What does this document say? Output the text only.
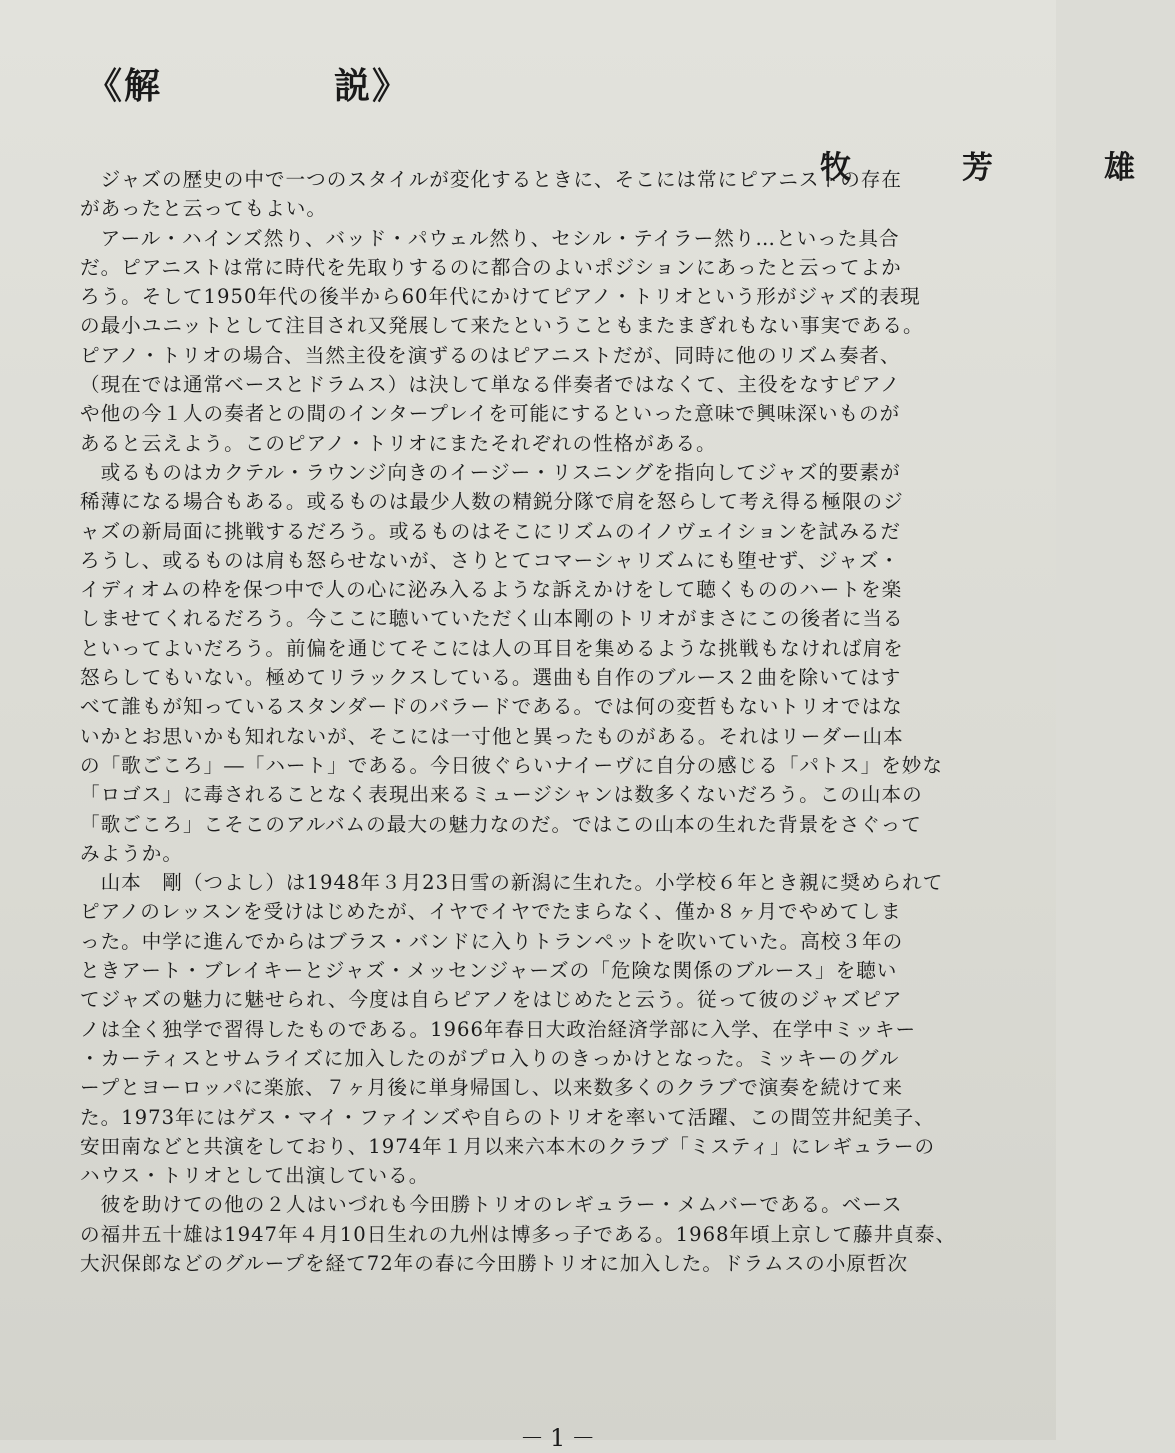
《解	説》
牧　芳　雄
　ジャズの歴史の中で一つのスタイルが変化するときに、そこには常にピアニストの存在
があったと云ってもよい。
　アール・ハインズ然り、バッド・パウェル然り、セシル・テイラー然り…といった具合
だ。ピアニストは常に時代を先取りするのに都合のよいポジションにあったと云ってよか
ろう。そして1950年代の後半から60年代にかけてピアノ・トリオという形がジャズ的表現
の最小ユニットとして注目され又発展して来たということもまたまぎれもない事実である。
ピアノ・トリオの場合、当然主役を演ずるのはピアニストだが、同時に他のリズム奏者、
（現在では通常ベースとドラムス）は決して単なる伴奏者ではなくて、主役をなすピアノ
や他の今１人の奏者との間のインタープレイを可能にするといった意味で興味深いものが
あると云えよう。このピアノ・トリオにまたそれぞれの性格がある。
　或るものはカクテル・ラウンジ向きのイージー・リスニングを指向してジャズ的要素が
稀薄になる場合もある。或るものは最少人数の精鋭分隊で肩を怒らして考え得る極限のジ
ャズの新局面に挑戦するだろう。或るものはそこにリズムのイノヴェイションを試みるだ
ろうし、或るものは肩も怒らせないが、さりとてコマーシャリズムにも堕せず、ジャズ・
イディオムの枠を保つ中で人の心に泌み入るような訴えかけをして聴くもののハートを楽
しませてくれるだろう。今ここに聴いていただく山本剛のトリオがまさにこの後者に当る
といってよいだろう。前偏を通じてそこには人の耳目を集めるような挑戦もなければ肩を
怒らしてもいない。極めてリラックスしている。選曲も自作のブルース２曲を除いてはす
べて誰もが知っているスタンダードのバラードである。では何の変哲もないトリオではな
いかとお思いかも知れないが、そこには一寸他と異ったものがある。それはリーダー山本
の「歌ごころ」―「ハート」である。今日彼ぐらいナイーヴに自分の感じる「パトス」を妙な
「ロゴス」に毒されることなく表現出来るミュージシャンは数多くないだろう。この山本の
「歌ごころ」こそこのアルバムの最大の魅力なのだ。ではこの山本の生れた背景をさぐって
みようか。
　山本　剛（つよし）は1948年３月23日雪の新潟に生れた。小学校６年とき親に奨められて
ピアノのレッスンを受けはじめたが、イヤでイヤでたまらなく、僅か８ヶ月でやめてしま
った。中学に進んでからはブラス・バンドに入りトランペットを吹いていた。高校３年の
ときアート・ブレイキーとジャズ・メッセンジャーズの「危険な関係のブルース」を聴い
てジャズの魅力に魅せられ、今度は自らピアノをはじめたと云う。従って彼のジャズピア
ノは全く独学で習得したものである。1966年春日大政治経済学部に入学、在学中ミッキー
・カーティスとサムライズに加入したのがプロ入りのきっかけとなった。ミッキーのグル
ープとヨーロッパに楽旅、７ヶ月後に単身帰国し、以来数多くのクラブで演奏を続けて来
た。1973年にはゲス・マイ・ファインズや自らのトリオを率いて活躍、この間笠井紀美子、
安田南などと共演をしており、1974年１月以来六本木のクラブ「ミスティ」にレギュラーの
ハウス・トリオとして出演している。
　彼を助けての他の２人はいづれも今田勝トリオのレギュラー・メムバーである。ベース
の福井五十雄は1947年４月10日生れの九州は博多っ子である。1968年頃上京して藤井貞泰、
大沢保郎などのグループを経て72年の春に今田勝トリオに加入した。ドラムスの小原哲次
－1－
